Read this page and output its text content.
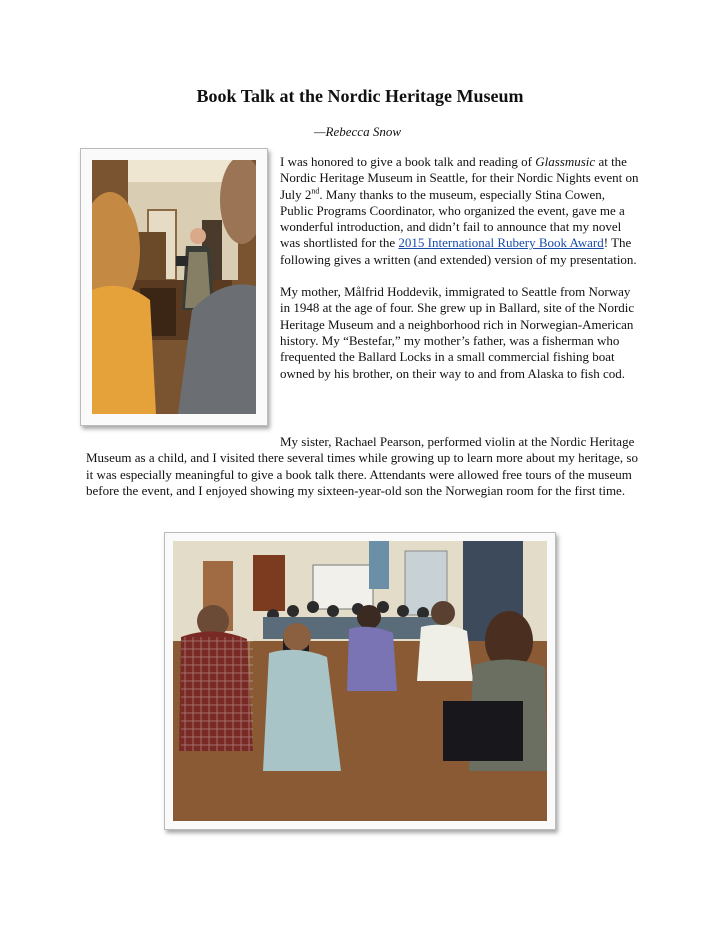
Book Talk at the Nordic Heritage Museum

—Rebecca Snow

I was honored to give a book talk and reading of Glassmusic at the Nordic Heritage Museum in Seattle, for their Nordic Nights event on July 2nd. Many thanks to the museum, especially Stina Cowen, Public Programs Coordinator, who organized the event, gave me a wonderful introduction, and didn’t fail to announce that my novel was shortlisted for the 2015 International Rubery Book Award! The following gives a written (and extended) version of my presentation.

My mother, Målfrid Hoddevik, immigrated to Seattle from Norway in 1948 at the age of four. She grew up in Ballard, site of the Nordic Heritage Museum and a neighborhood rich in Norwegian-American history. My “Bestefar,” my mother’s father, was a fisherman who frequented the Ballard Locks in a small commercial fishing boat owned by his brother, on their way to and from Alaska to fish cod.

My sister, Rachael Pearson, performed violin at the Nordic Heritage Museum as a child, and I visited there several times while growing up to learn more about my heritage, so it was especially meaningful to give a book talk there. Attendants were allowed free tours of the museum before the event, and I enjoyed showing my sixteen-year-old son the Norwegian room for the first time.
